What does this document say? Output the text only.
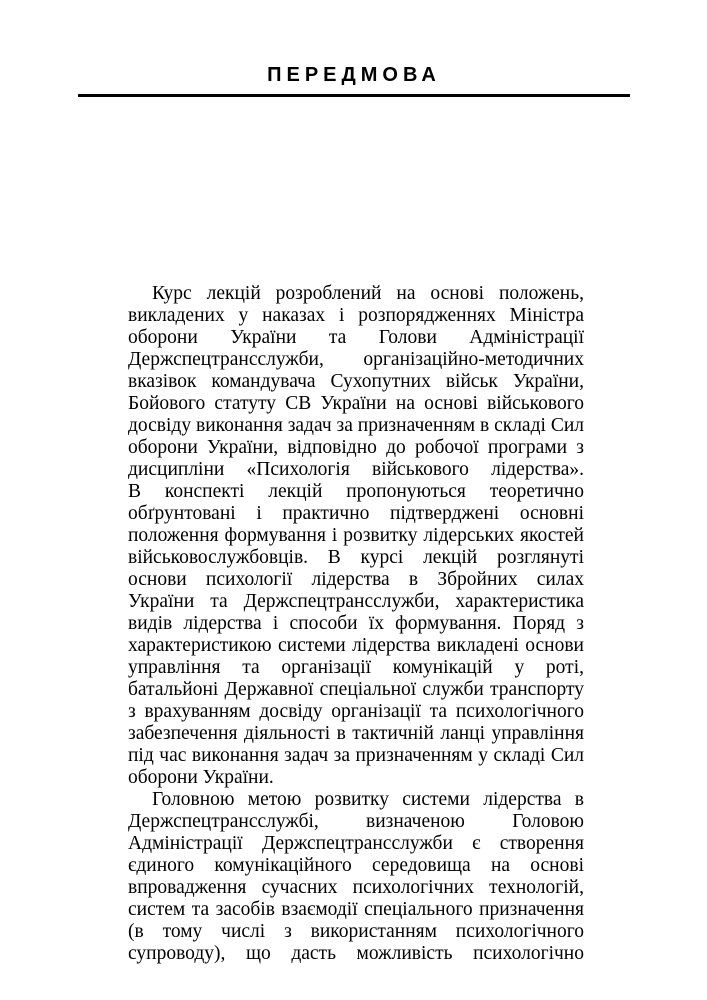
ПЕРЕДМОВА
Курс лекцій розроблений на основі положень,
викладених у наказах і розпорядженнях Міністра
оборони України та Голови Адміністрації
Держспецтрансслужби, організаційно-методичних
вказівок командувача Сухопутних військ України,
Бойового статуту СВ України на основі військового
досвіду виконання задач за призначенням в складі Сил
оборони України, відповідно до робочої програми з
дисципліни «Психологія військового лідерства».
В конспекті лекцій пропонуються теоретично
обґрунтовані і практично підтверджені основні
положення формування і розвитку лідерських якостей
військовослужбовців. В курсі лекцій розглянуті
основи психології лідерства в Збройних силах
України та Держспецтрансслужби, характеристика
видів лідерства і способи їх формування. Поряд з
характеристикою системи лідерства викладені основи
управління та організації комунікацій у роті,
батальйоні Державної спеціальної служби транспорту
з врахуванням досвіду організації та психологічного
забезпечення діяльності в тактичній ланці управління
під час виконання задач за призначенням у складі Сил
оборони України.
Головною метою розвитку системи лідерства в
Держспецтрансслужбі, визначеною Головою
Адміністрації Держспецтрансслужби є створення
єдиного комунікаційного середовища на основі
впровадження сучасних психологічних технологій,
систем та засобів взаємодії спеціального призначення
(в тому числі з використанням психологічного
супроводу), що дасть можливість психологічно
